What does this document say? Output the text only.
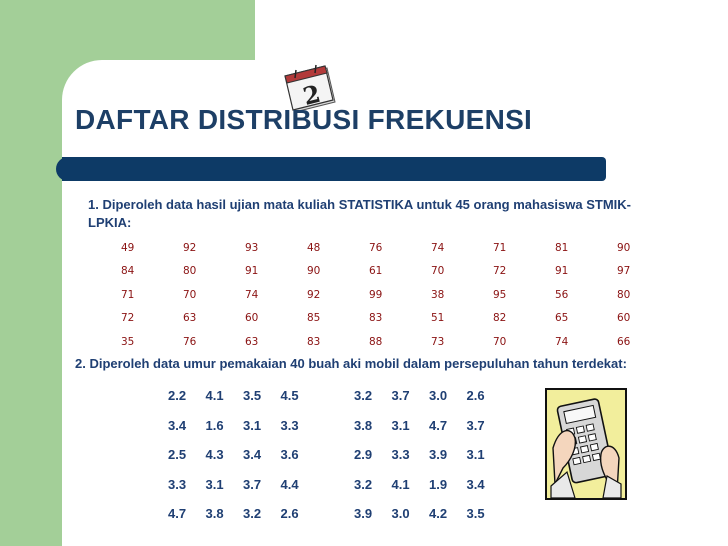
2
DAFTAR DISTRIBUSI FREKUENSI
1. Diperoleh data hasil ujian mata kuliah STATISTIKA untuk 45 orang mahasiswa STMIK-LPKIA:
49	92	93	48	76	74	71	81	90
84	80	91	90	61	70	72	91	97
71	70	74	92	99	38	95	56	80
72	63	60	85	83	51	82	65	60
35	76	63	83	88	73	70	74	66
2. Diperoleh data umur pemakaian 40 buah aki mobil dalam persepuluhan tahun terdekat:
2.2	4.1	3.5	4.5		3.2	3.7	3.0	2.6
3.4	1.6	3.1	3.3		3.8	3.1	4.7	3.7
2.5	4.3	3.4	3.6		2.9	3.3	3.9	3.1
3.3	3.1	3.7	4.4		3.2	4.1	1.9	3.4
4.7	3.8	3.2	2.6		3.9	3.0	4.2	3.5
